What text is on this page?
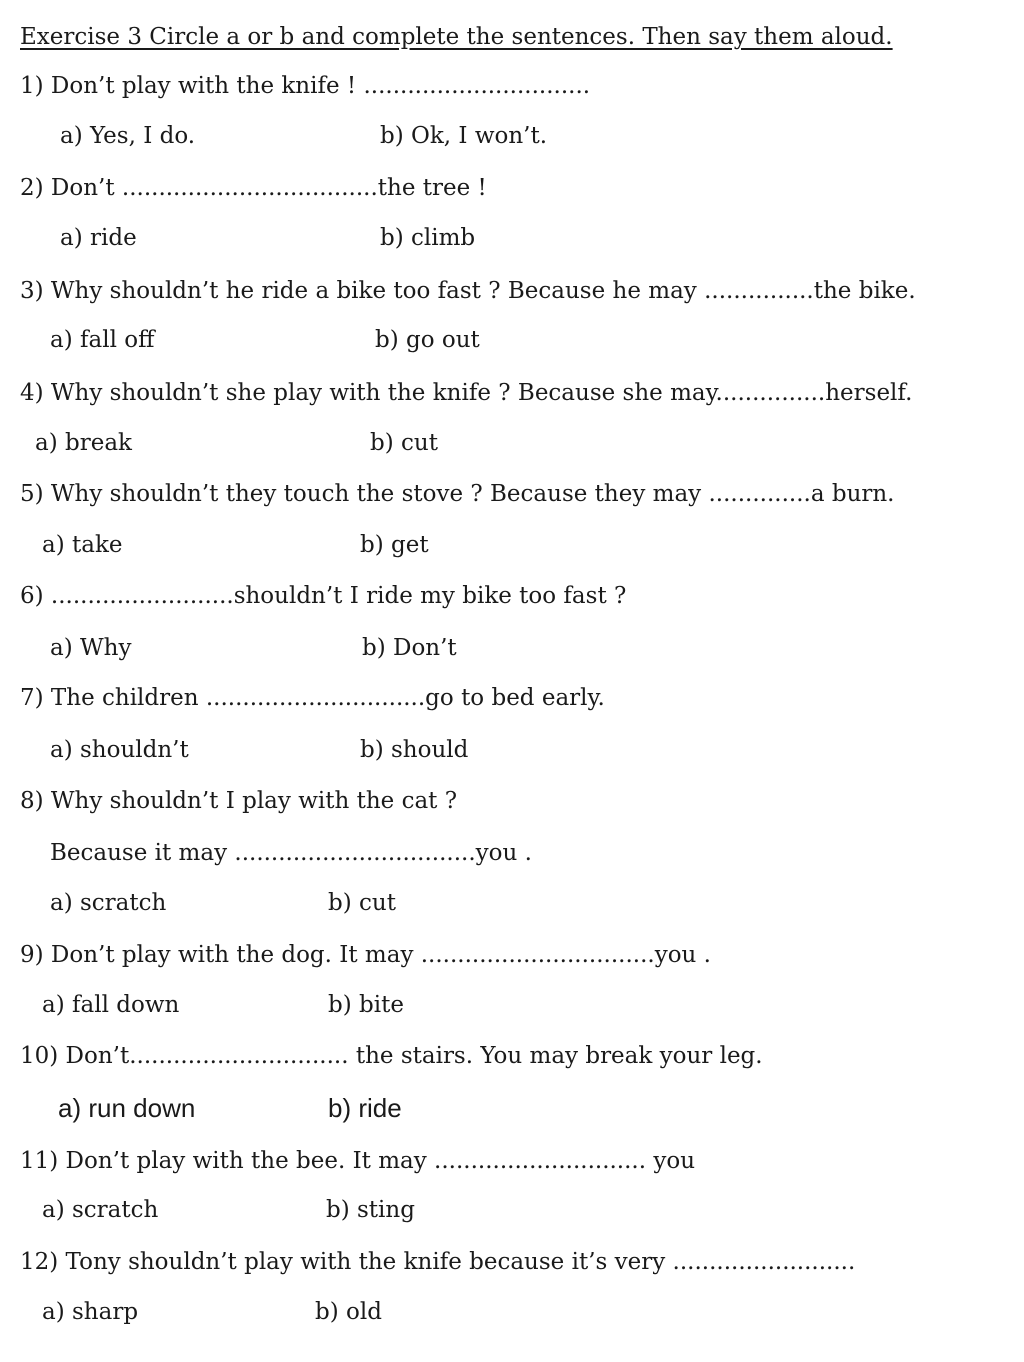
Exercise 3 Circle a or b and complete the sentences. Then say them aloud.
1) Don’t play with the knife ! ...............................
a) Yes, I do.	b) Ok, I won’t.
2) Don’t ...................................the tree !
a) ride	b) climb
3) Why shouldn’t he ride a bike too fast ? Because he may ...............the bike.
a) fall off	b) go out
4) Why shouldn’t she play with the knife ? Because she may...............herself.
a) break	b) cut
5) Why shouldn’t they touch the stove ? Because they may ..............a burn.
a) take	b) get
6) .........................shouldn’t I ride my bike too fast ?
a) Why	b) Don’t
7) The children ..............................go to bed early.
a) shouldn’t	b) should
8) Why shouldn’t I play with the cat ?
Because it may .................................you .
a) scratch	b) cut
9) Don’t play with the dog. It may ................................you .
a) fall down	b) bite
10) Don’t.............................. the stairs. You may break your leg.
a) run down	b) ride
11) Don’t play with the bee. It may ............................. you
a) scratch	b) sting
12) Tony shouldn’t play with the knife because it’s very .........................
a) sharp	b) old
